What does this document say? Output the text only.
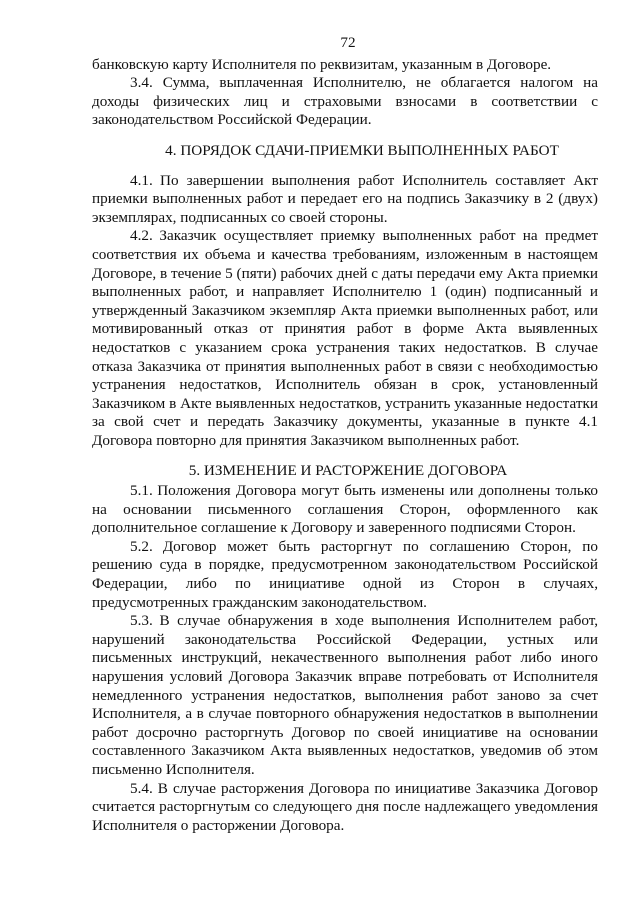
72

банковскую карту Исполнителя по реквизитам, указанным в Договоре.

3.4. Сумма, выплаченная Исполнителю, не облагается налогом на доходы физических лиц и страховыми взносами в соответствии с законодательством Российской Федерации.

4. ПОРЯДОК СДАЧИ-ПРИЕМКИ ВЫПОЛНЕННЫХ РАБОТ

4.1. По завершении выполнения работ Исполнитель составляет Акт приемки выполненных работ и передает его на подпись Заказчику в 2 (двух) экземплярах, подписанных со своей стороны.

4.2. Заказчик осуществляет приемку выполненных работ на предмет соответствия их объема и качества требованиям, изложенным в настоящем Договоре, в течение 5 (пяти) рабочих дней с даты передачи ему Акта приемки выполненных работ, и направляет Исполнителю 1 (один) подписанный и утвержденный Заказчиком экземпляр Акта приемки выполненных работ, или мотивированный отказ от принятия работ в форме Акта выявленных недостатков с указанием срока устранения таких недостатков. В случае отказа Заказчика от принятия выполненных работ в связи с необходимостью устранения недостатков, Исполнитель обязан в срок, установленный Заказчиком в Акте выявленных недостатков, устранить указанные недостатки за свой счет и передать Заказчику документы, указанные в пункте 4.1 Договора повторно для принятия Заказчиком выполненных работ.

5. ИЗМЕНЕНИЕ И РАСТОРЖЕНИЕ ДОГОВОРА

5.1. Положения Договора могут быть изменены или дополнены только на основании письменного соглашения Сторон, оформленного как дополнительное соглашение к Договору и заверенного подписями Сторон.

5.2. Договор может быть расторгнут по соглашению Сторон, по решению суда в порядке, предусмотренном законодательством Российской Федерации, либо по инициативе одной из Сторон в случаях, предусмотренных гражданским законодательством.

5.3. В случае обнаружения в ходе выполнения Исполнителем работ, нарушений законодательства Российской Федерации, устных или письменных инструкций, некачественного выполнения работ либо иного нарушения условий Договора Заказчик вправе потребовать от Исполнителя немедленного устранения недостатков, выполнения работ заново за счет Исполнителя, а в случае повторного обнаружения недостатков в выполнении работ досрочно расторгнуть Договор по своей инициативе на основании составленного Заказчиком Акта выявленных недостатков, уведомив об этом письменно Исполнителя.

5.4. В случае расторжения Договора по инициативе Заказчика Договор считается расторгнутым со следующего дня после надлежащего уведомления Исполнителя о расторжении Договора.
